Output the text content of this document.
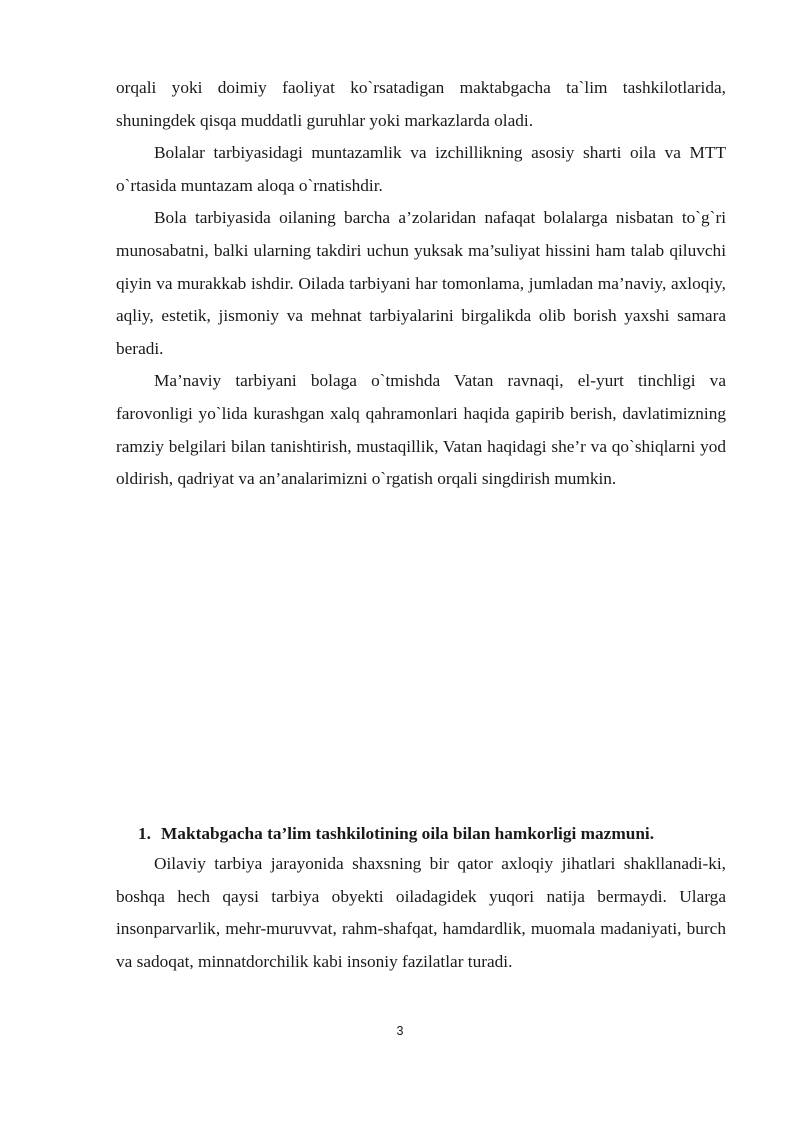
orqali yoki doimiy faoliyat ko`rsatadigan maktabgacha ta`lim tashkilotlarida, shuningdek qisqa muddatli guruhlar yoki markazlarda oladi.

Bolalar tarbiyasidagi muntazamlik va izchillikning asosiy sharti oila va MTT o`rtasida muntazam aloqa o`rnatishdir.

Bola tarbiyasida oilaning barcha a’zolaridan nafaqat bolalarga nisbatan to`g`ri munosabatni, balki ularning takdiri uchun yuksak ma’suliyat hissini ham talab qiluvchi qiyin va murakkab ishdir. Oilada tarbiyani har tomonlama, jumladan ma’naviy, axloqiy, aqliy, estetik, jismoniy va mehnat tarbiyalarini birgalikda olib borish yaxshi samara beradi.

Ma’naviy tarbiyani bolaga o`tmishda Vatan ravnaqi, el-yurt tinchligi va farovonligi yo`lida kurashgan xalq qahramonlari haqida gapirib berish, davlatimizning ramziy belgilari bilan tanishtirish, mustaqillik, Vatan haqidagi she’r va qo`shiqlarni yod oldirish, qadriyat va an’analarimizni o`rgatish orqali singdirish mumkin.

1. Maktabgacha ta’lim tashkilotining oila bilan hamkorligi mazmuni.

Oilaviy tarbiya jarayonida shaxsning bir qator axloqiy jihatlari shakllanadi-ki, boshqa hech qaysi tarbiya obyekti oiladagidek yuqori natija bermaydi. Ularga insonparvarlik, mehr-muruvvat, rahm-shafqat, hamdardlik, muomala madaniyati, burch va sadoqat, minnatdorchilik kabi insoniy fazilatlar turadi.

3
